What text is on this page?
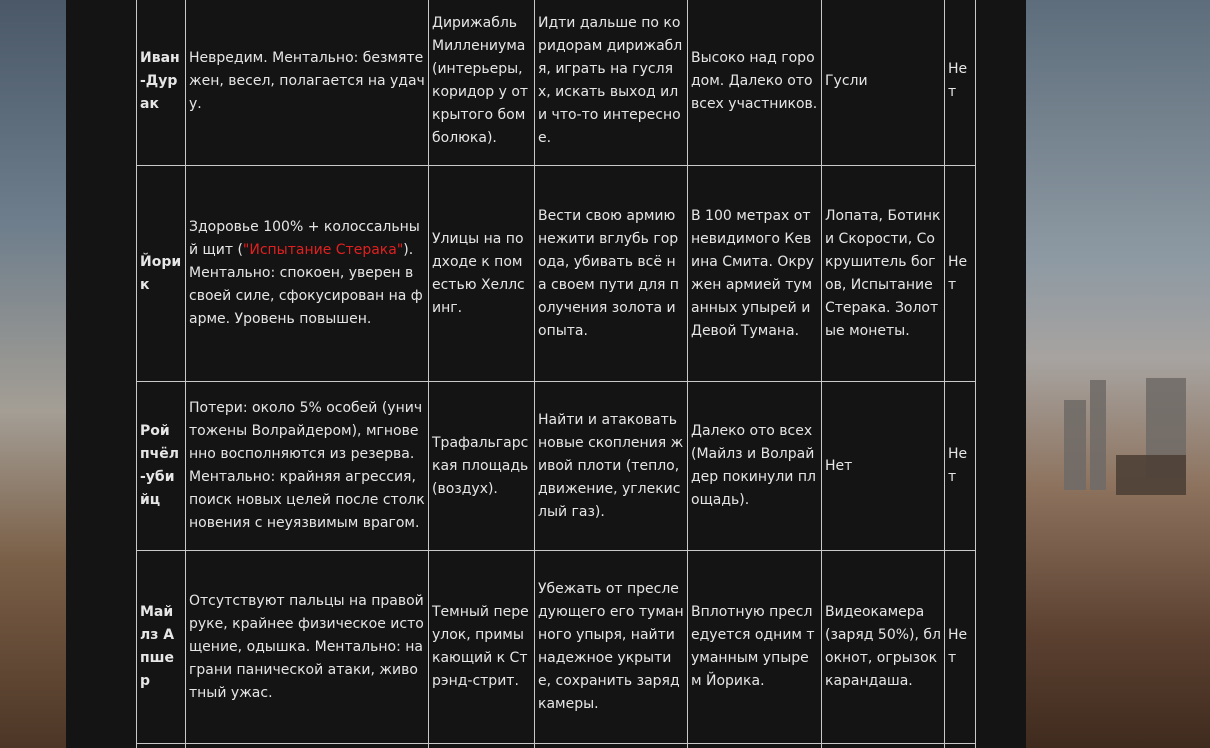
Иван-Дурак	Невредим. Ментально: безмятежен, весел, полагается на удачу.	Дирижабль Миллениума (интерьеры, коридор у открытого бомболюка).	Идти дальше по коридорам дирижабля, играть на гуслях, искать выход или что-то интересное.	Высоко над городом. Далеко ото всех участников.	Гусли	Нет
Йорик	Здоровье 100% + колоссальный щит ("Испытание Стерака"). Ментально: спокоен, уверен в своей силе, сфокусирован на фарме. Уровень повышен.	Улицы на подходе к поместью Хеллсинг.	Вести свою армию нежити вглубь города, убивать всё на своем пути для получения золота и опыта.	В 100 метрах от невидимого Кевина Смита. Окружен армией туманных упырей и Девой Тумана.	Лопата, Ботинки Скорости, Сокрушитель богов, Испытание Стерака. Золотые монеты.	Нет
Рой пчёл-убийц	Потери: около 5% особей (уничтожены Волрайдером), мгновенно восполняются из резерва. Ментально: крайняя агрессия, поиск новых целей после столкновения с неуязвимым врагом.	Трафальгарская площадь (воздух).	Найти и атаковать новые скопления живой плоти (тепло, движение, углекислый газ).	Далеко ото всех (Майлз и Волрайдер покинули площадь).	Нет	Нет
Майлз Апшер	Отсутствуют пальцы на правой руке, крайнее физическое истощение, одышка. Ментально: на грани панической атаки, животный ужас.	Темный переулок, примыкающий к Стрэнд-стрит.	Убежать от преследующего его туманного упыря, найти надежное укрытие, сохранить заряд камеры.	Вплотную преследуется одним туманным упырем Йорика.	Видеокамера (заряд 50%), блокнот, огрызок карандаша.	Нет
